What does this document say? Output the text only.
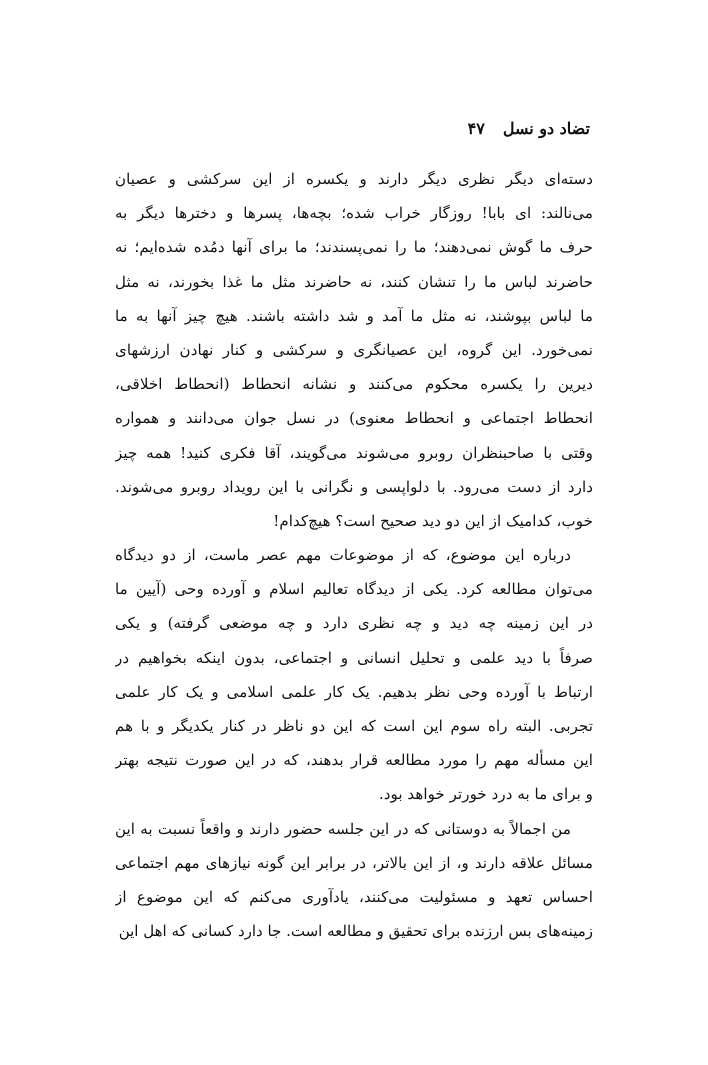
تضاد دو نسل۴۷
دسته‌ای دیگر نظری دیگر دارند و یکسره از این سرکشی و عصیان
می‌نالند: ای بابا! روزگار خراب شده؛ بچه‌ها، پسرها و دخترها دیگر به
حرف ما گوش نمی‌دهند؛ ما را نمی‌پسندند؛ ما برای آنها دمُده شده‌ایم؛ نه
حاضرند لباس ما را تنشان کنند، نه حاضرند مثل ما غذا بخورند، نه مثل
ما لباس بپوشند، نه مثل ما آمد و شد داشته باشند. هیچ چیز آنها به ما
نمی‌خورد. این گروه، این عصیانگری و سرکشی و کنار نهادن ارزشهای
دیرین را یکسره محکوم می‌کنند و نشانه انحطاط (انحطاط اخلاقی،
انحطاط اجتماعی و انحطاط معنوی) در نسل جوان می‌دانند و همواره
وقتی با صاحبنظران روبرو می‌شوند می‌گویند، آقا فکری کنید! همه چیز
دارد از دست می‌رود. با دلواپسی و نگرانی با این رویداد روبرو می‌شوند.
خوب، کدامیک از این دو دید صحیح است؟ هیچ‌کدام!
درباره این موضوع، که از موضوعات مهم عصر ماست، از دو دیدگاه
می‌توان مطالعه کرد. یکی از دیدگاه تعالیم اسلام و آورده وحی (آیین ما
در این زمینه چه دید و چه نظری دارد و چه موضعی گرفته) و یکی
صرفاً با دید علمی و تحلیل انسانی و اجتماعی، بدون اینکه بخواهیم در
ارتباط با آورده وحی نظر بدهیم. یک کار علمی اسلامی و یک کار علمی
تجربی. البته راه سوم این است که این دو ناظر در کنار یکدیگر و با هم
این مسأله مهم را مورد مطالعه قرار بدهند، که در این صورت نتیجه بهتر
و برای ما به درد خورتر خواهد بود.
من اجمالاً به دوستانی که در این جلسه حضور دارند و واقعاً نسبت به این
مسائل علاقه دارند و، از این بالاتر، در برابر این گونه نیازهای مهم اجتماعی
احساس تعهد و مسئولیت می‌کنند، یادآوری می‌کنم که این موضوع از
زمینه‌های بس ارزنده برای تحقیق و مطالعه است. جا دارد کسانی که اهل این
